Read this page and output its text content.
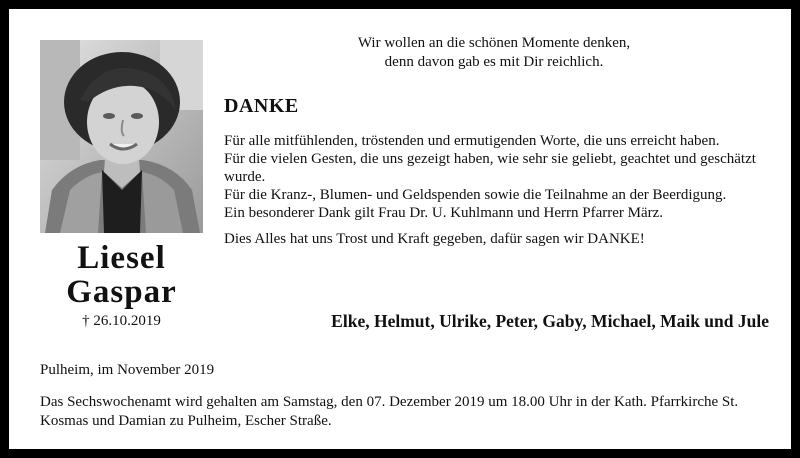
Liesel
Gaspar
† 26.10.2019
Wir wollen an die schönen Momente denken,
denn davon gab es mit Dir reichlich.
DANKE

Für alle mitfühlenden, tröstenden und ermutigenden Worte, die uns erreicht haben.

Für die vielen Gesten, die uns gezeigt haben, wie sehr sie geliebt, geachtet und geschätzt wurde.

Für die Kranz-, Blumen- und Geldspenden sowie die Teilnahme an der Beerdigung.

Ein besonderer Dank gilt Frau Dr. U. Kuhlmann und Herrn Pfarrer März.

Dies Alles hat uns Trost und Kraft gegeben, dafür sagen wir DANKE!

Elke, Helmut, Ulrike, Peter, Gaby, Michael, Maik und Jule
Pulheim, im November 2019
Das Sechswochenamt wird gehalten am Samstag, den 07. Dezember 2019 um 18.00 Uhr in der Kath. Pfarrkirche St. Kosmas und Damian zu Pulheim, Escher Straße.
